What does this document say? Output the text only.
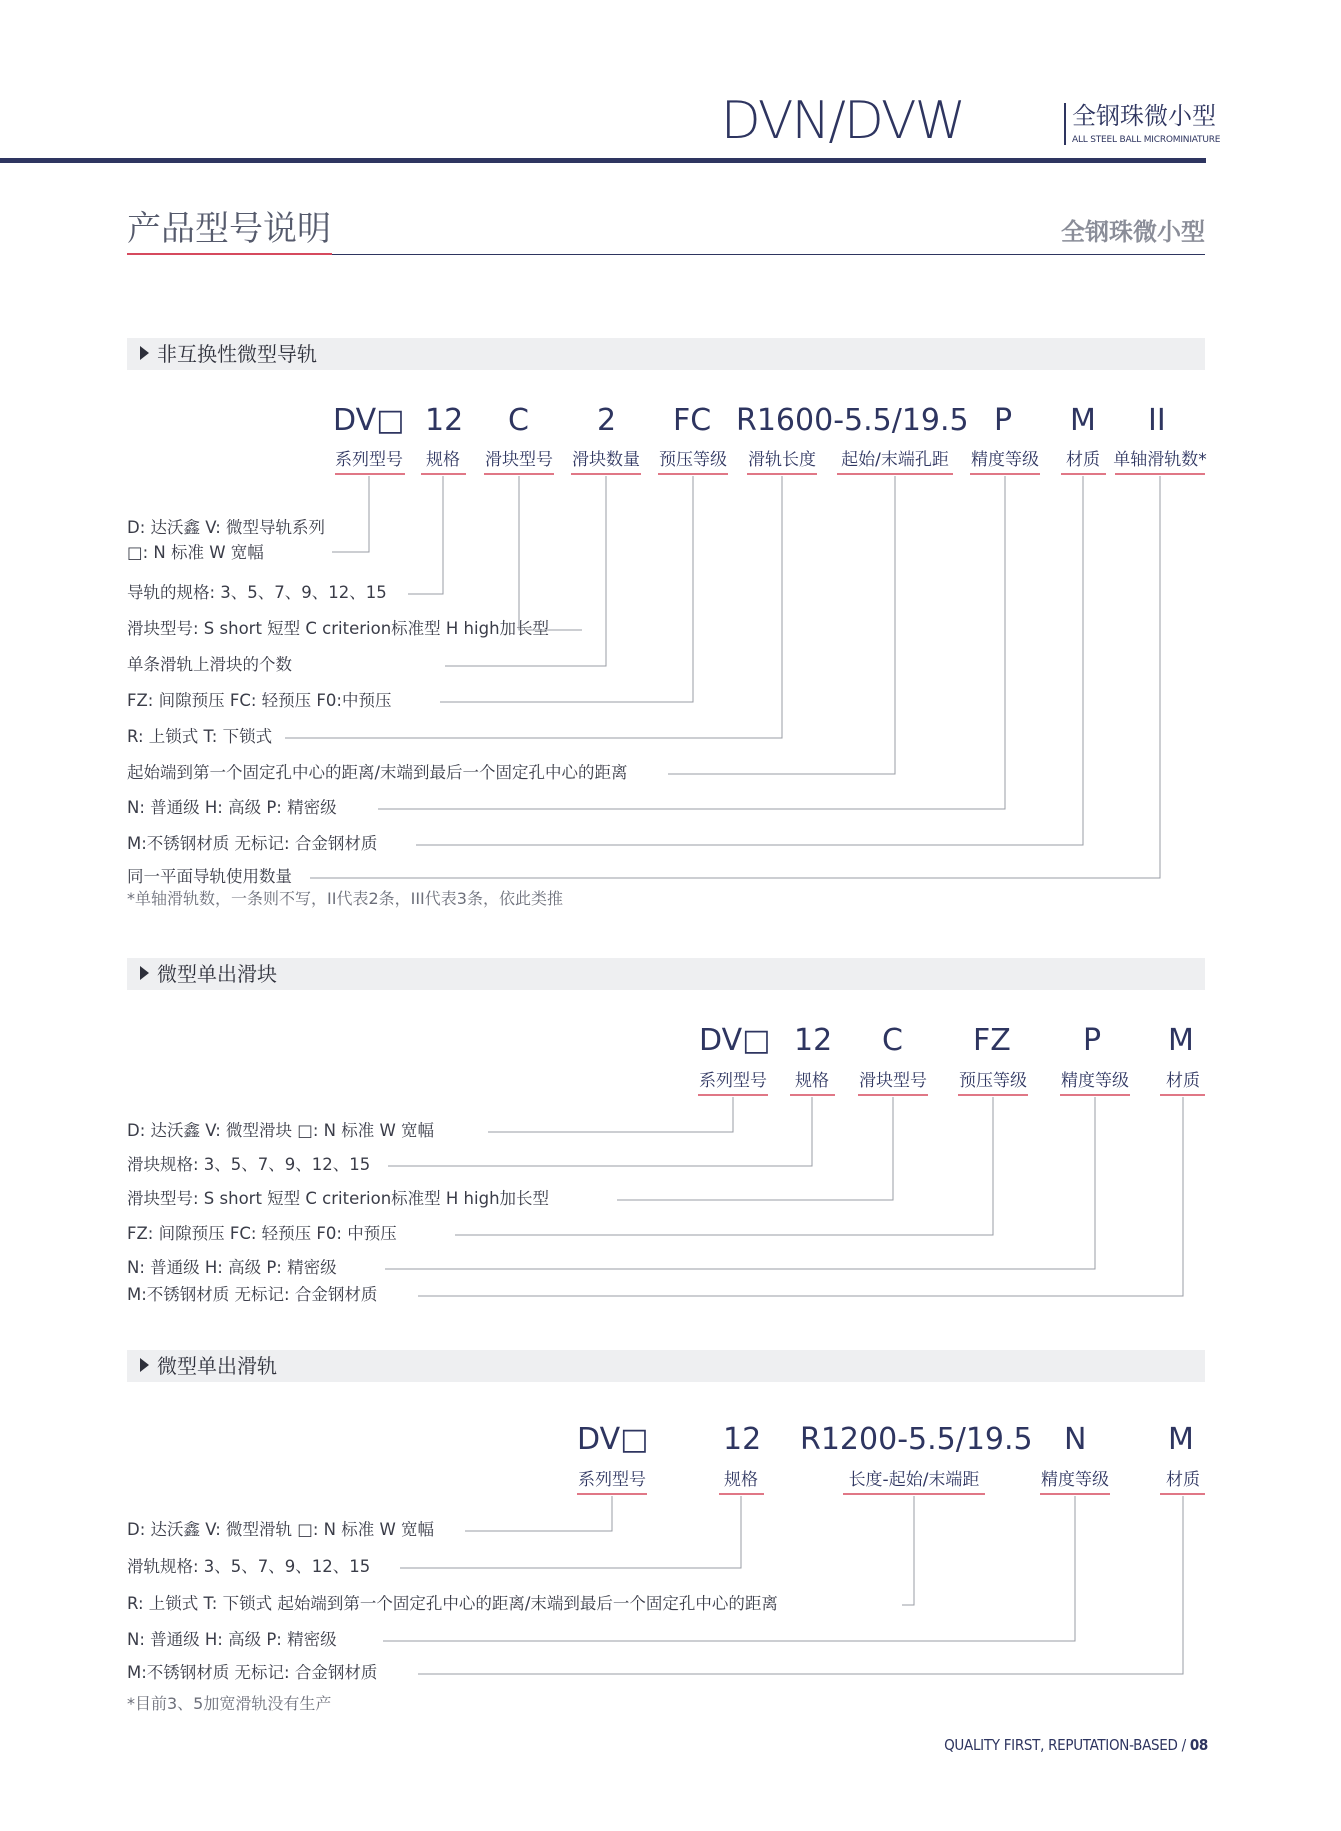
DVN/DVW	全钢珠微小型
ALL STEEL BALL MICROMINIATURE
产品型号说明	全钢珠微小型
非互换性微型导轨
DV□ 12 C 2 FC R1600-5.5/19.5 P M II
系列型号 规格 滑块型号 滑块数量 预压等级 滑轨长度 起始/末端孔距 精度等级 材质 单轴滑轨数*
D: 达沃鑫 V: 微型导轨系列
□: N 标准 W 宽幅
导轨的规格: 3、5、7、9、12、15
滑块型号: S short 短型 C criterion标准型 H high加长型
单条滑轨上滑块的个数
FZ: 间隙预压 FC: 轻预压 F0:中预压
R: 上锁式 T: 下锁式
起始端到第一个固定孔中心的距离/末端到最后一个固定孔中心的距离
N: 普通级 H: 高级 P: 精密级
M:不锈钢材质 无标记: 合金钢材质
同一平面导轨使用数量
*单轴滑轨数，一条则不写，II代表2条，III代表3条，依此类推
微型单出滑块
DV□ 12 C FZ P M
系列型号 规格 滑块型号 预压等级 精度等级 材质
D: 达沃鑫 V: 微型滑块 □: N 标准 W 宽幅
滑块规格: 3、5、7、9、12、15
滑块型号: S short 短型 C criterion标准型 H high加长型
FZ: 间隙预压 FC: 轻预压 F0: 中预压
N: 普通级 H: 高级 P: 精密级
M:不锈钢材质 无标记: 合金钢材质
微型单出滑轨
DV□ 12 R1200-5.5/19.5 N	M
系列型号	规格	长度-起始/末端距	精度等级	材质
D: 达沃鑫 V: 微型滑轨 □: N 标准 W 宽幅
滑轨规格: 3、5、7、9、12、15
R: 上锁式 T: 下锁式 起始端到第一个固定孔中心的距离/末端到最后一个固定孔中心的距离
N: 普通级 H: 高级 P: 精密级
M:不锈钢材质 无标记: 合金钢材质
*目前3、5加宽滑轨没有生产
QUALITY FIRST, REPUTATION-BASED / 08
